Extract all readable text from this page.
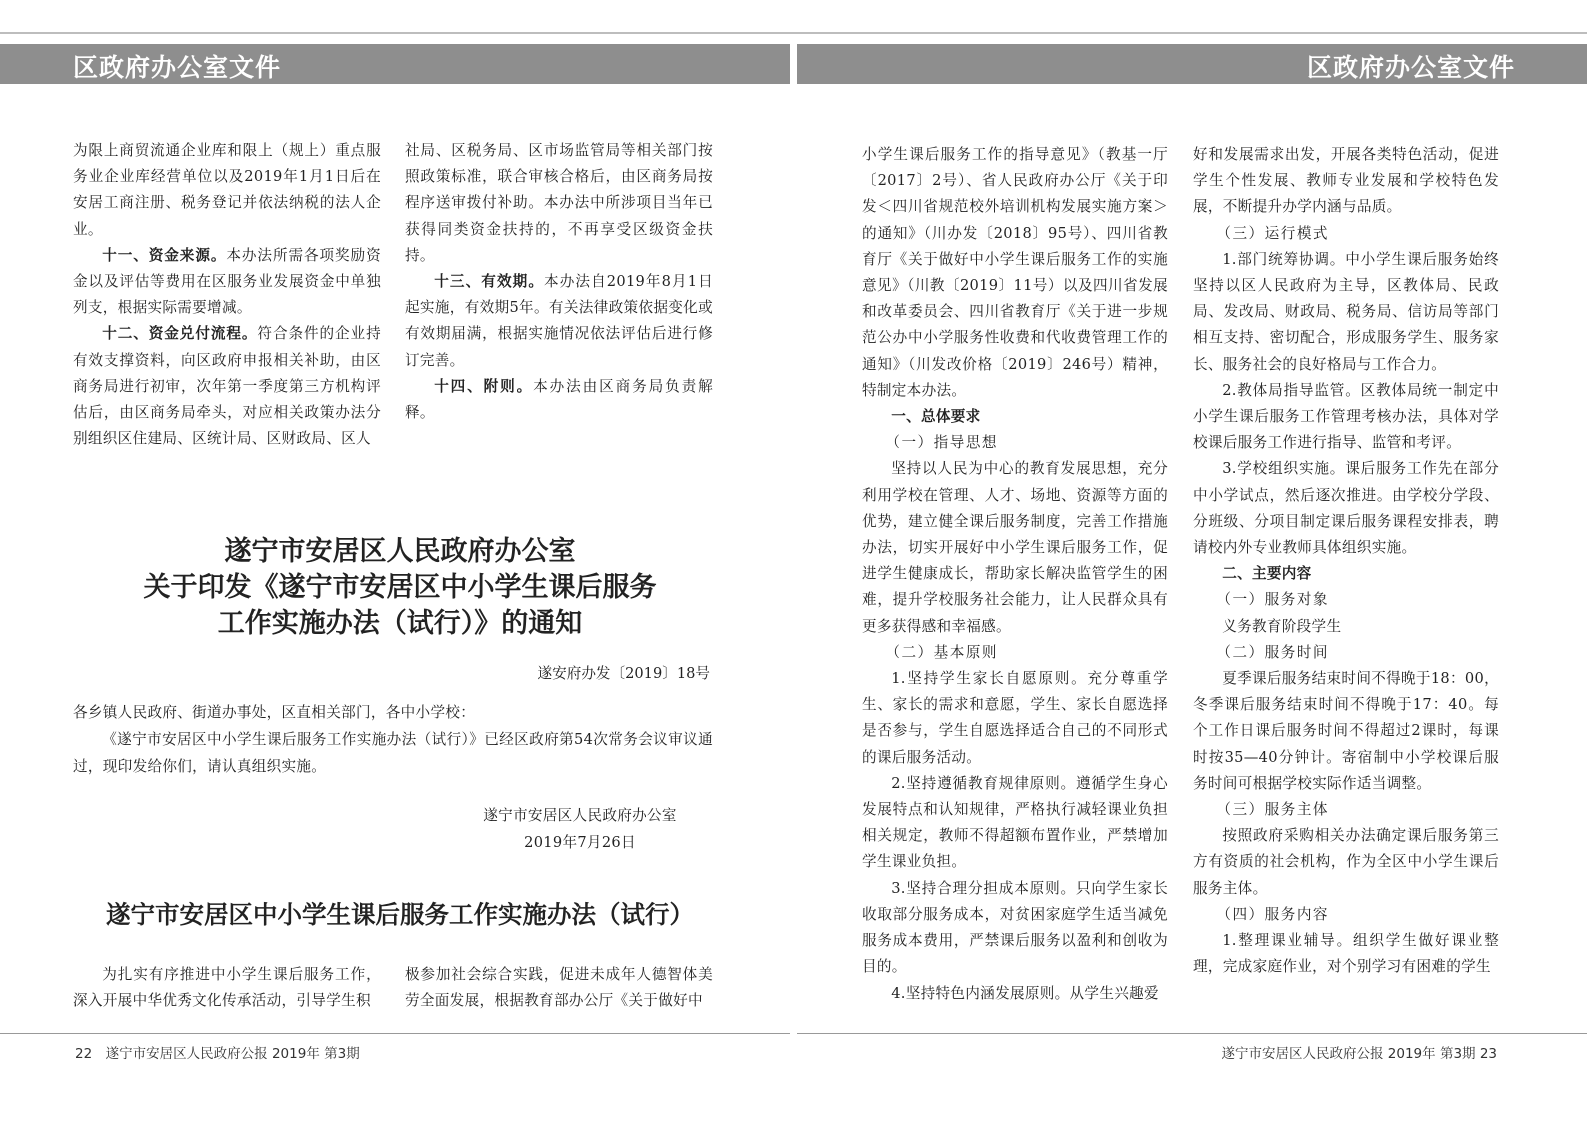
区政府办公室文件	区政府办公室文件

为限上商贸流通企业库和限上（规上）重点服务业企业库经营单位以及2019年1月1日后在安居工商注册、税务登记并依法纳税的法人企业。

十一、资金来源。本办法所需各项奖励资金以及评估等费用在区服务业发展资金中单独列支，根据实际需要增减。

十二、资金兑付流程。符合条件的企业持有效支撑资料，向区政府申报相关补助，由区商务局进行初审，次年第一季度第三方机构评估后，由区商务局牵头，对应相关政策办法分别组织区住建局、区统计局、区财政局、区人

社局、区税务局、区市场监管局等相关部门按照政策标准，联合审核合格后，由区商务局按程序送审拨付补助。本办法中所涉项目当年已获得同类资金扶持的，不再享受区级资金扶持。

十三、有效期。本办法自2019年8月1日起实施，有效期5年。有关法律政策依据变化或有效期届满，根据实施情况依法评估后进行修订完善。

十四、附则。本办法由区商务局负责解释。

遂宁市安居区人民政府办公室
关于印发《遂宁市安居区中小学生课后服务
工作实施办法（试行）》的通知
遂安府办发〔2019〕18号
各乡镇人民政府、街道办事处，区直相关部门，各中小学校：
《遂宁市安居区中小学生课后服务工作实施办法（试行）》已经区政府第54次常务会议审议通过，现印发给你们，请认真组织实施。
遂宁市安居区人民政府办公室
2019年7月26日
遂宁市安居区中小学生课后服务工作实施办法（试行）
为扎实有序推进中小学生课后服务工作，深入开展中华优秀文化传承活动，引导学生积
极参加社会综合实践，促进未成年人德智体美劳全面发展，根据教育部办公厅《关于做好中

小学生课后服务工作的指导意见》（教基一厅〔2017〕2号）、省人民政府办公厅《关于印发＜四川省规范校外培训机构发展实施方案＞的通知》（川办发〔2018〕95号）、四川省教育厅《关于做好中小学生课后服务工作的实施意见》（川教〔2019〕11号）以及四川省发展和改革委员会、四川省教育厅《关于进一步规范公办中小学服务性收费和代收费管理工作的通知》（川发改价格〔2019〕246号）精神，特制定本办法。

一、总体要求

（一）指导思想

坚持以人民为中心的教育发展思想，充分利用学校在管理、人才、场地、资源等方面的优势，建立健全课后服务制度，完善工作措施办法，切实开展好中小学生课后服务工作，促进学生健康成长，帮助家长解决监管学生的困难，提升学校服务社会能力，让人民群众具有更多获得感和幸福感。

（二）基本原则

1.坚持学生家长自愿原则。充分尊重学生、家长的需求和意愿，学生、家长自愿选择是否参与，学生自愿选择适合自己的不同形式的课后服务活动。

2.坚持遵循教育规律原则。遵循学生身心发展特点和认知规律，严格执行减轻课业负担相关规定，教师不得超额布置作业，严禁增加学生课业负担。

3.坚持合理分担成本原则。只向学生家长收取部分服务成本，对贫困家庭学生适当减免服务成本费用，严禁课后服务以盈利和创收为目的。

4.坚持特色内涵发展原则。从学生兴趣爱

好和发展需求出发，开展各类特色活动，促进学生个性发展、教师专业发展和学校特色发展，不断提升办学内涵与品质。

（三）运行模式

1.部门统筹协调。中小学生课后服务始终坚持以区人民政府为主导，区教体局、民政局、发改局、财政局、税务局、信访局等部门相互支持、密切配合，形成服务学生、服务家长、服务社会的良好格局与工作合力。

2.教体局指导监管。区教体局统一制定中小学生课后服务工作管理考核办法，具体对学校课后服务工作进行指导、监管和考评。

3.学校组织实施。课后服务工作先在部分中小学试点，然后逐次推进。由学校分学段、分班级、分项目制定课后服务课程安排表，聘请校内外专业教师具体组织实施。

二、主要内容

（一）服务对象

义务教育阶段学生

（二）服务时间

夏季课后服务结束时间不得晚于18：00，冬季课后服务结束时间不得晚于17：40。每个工作日课后服务时间不得超过2课时，每课时按35—40分钟计。寄宿制中小学校课后服务时间可根据学校实际作适当调整。

（三）服务主体

按照政府采购相关办法确定课后服务第三方有资质的社会机构，作为全区中小学生课后服务主体。

（四）服务内容

1.整理课业辅导。组织学生做好课业整理，完成家庭作业，对个别学习有困难的学生

22　遂宁市安居区人民政府公报 2019年 第3期	遂宁市安居区人民政府公报 2019年 第3期 23
